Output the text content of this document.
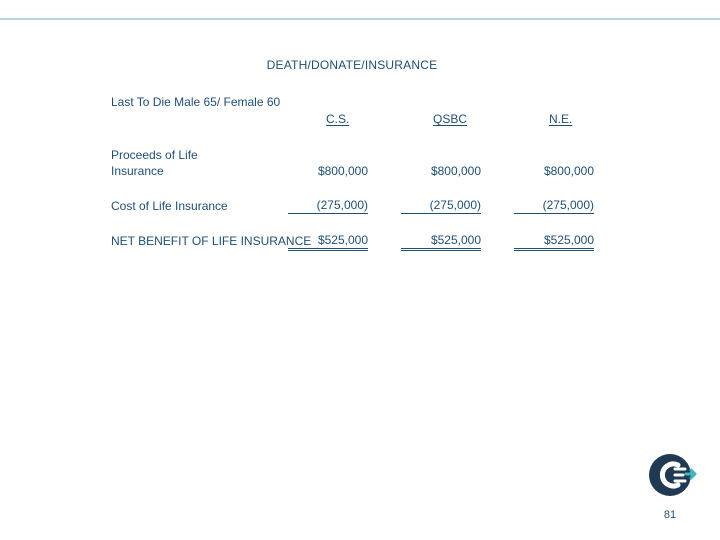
DEATH/DONATE/INSURANCE
Last To Die Male 65/ Female 60
C.S.	QSBC	N.E.
Proceeds of Life
Insurance	$800,000	$800,000	$800,000
Cost of Life Insurance	(275,000)	(275,000)	(275,000)
NET BENEFIT OF LIFE INSURANCE $525,000	$525,000	$525,000
81
